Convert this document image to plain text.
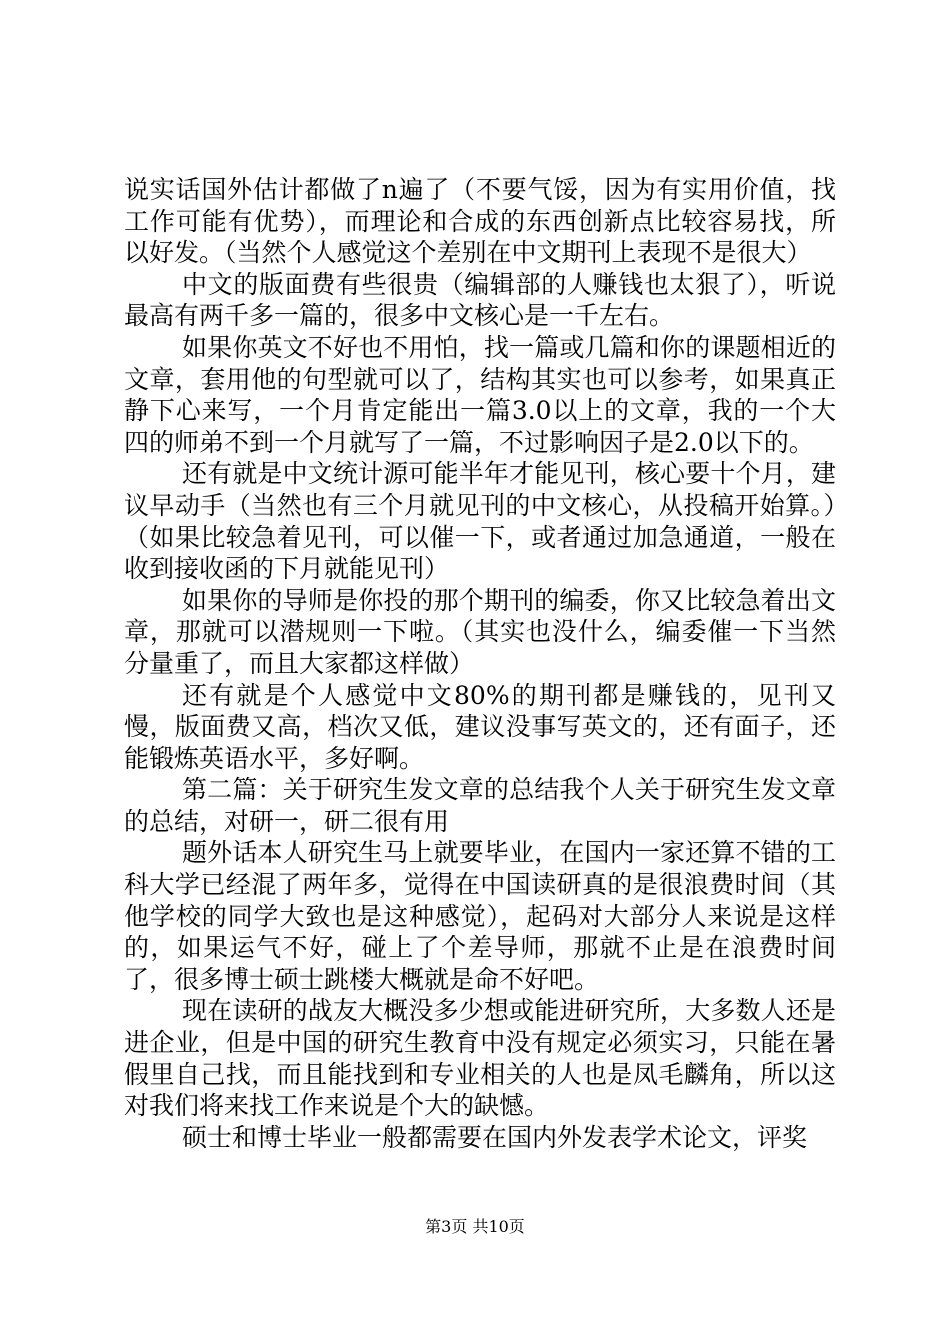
说实话国外估计都做了n遍了（不要气馁，因为有实用价值，找工作可能有优势），而理论和合成的东西创新点比较容易找，所以好发。（当然个人感觉这个差别在中文期刊上表现不是很大）

中文的版面费有些很贵（编辑部的人赚钱也太狠了），听说最高有两千多一篇的，很多中文核心是一千左右。

如果你英文不好也不用怕，找一篇或几篇和你的课题相近的文章，套用他的句型就可以了，结构其实也可以参考，如果真正静下心来写，一个月肯定能出一篇3.0以上的文章，我的一个大四的师弟不到一个月就写了一篇，不过影响因子是2.0以下的。

还有就是中文统计源可能半年才能见刊，核心要十个月，建议早动手（当然也有三个月就见刊的中文核心，从投稿开始算。）（如果比较急着见刊，可以催一下，或者通过加急通道，一般在收到接收函的下月就能见刊）

如果你的导师是你投的那个期刊的编委，你又比较急着出文章，那就可以潜规则一下啦。（其实也没什么，编委催一下当然分量重了，而且大家都这样做）

还有就是个人感觉中文80%的期刊都是赚钱的，见刊又慢，版面费又高，档次又低，建议没事写英文的，还有面子，还能锻炼英语水平，多好啊。

第二篇：关于研究生发文章的总结我个人关于研究生发文章的总结，对研一，研二很有用

题外话本人研究生马上就要毕业，在国内一家还算不错的工科大学已经混了两年多，觉得在中国读研真的是很浪费时间（其他学校的同学大致也是这种感觉），起码对大部分人来说是这样的，如果运气不好，碰上了个差导师，那就不止是在浪费时间了，很多博士硕士跳楼大概就是命不好吧。

现在读研的战友大概没多少想或能进研究所，大多数人还是进企业，但是中国的研究生教育中没有规定必须实习，只能在暑假里自己找，而且能找到和专业相关的人也是凤毛麟角，所以这对我们将来找工作来说是个大的缺憾。

硕士和博士毕业一般都需要在国内外发表学术论文，评奖

第3页 共10页
